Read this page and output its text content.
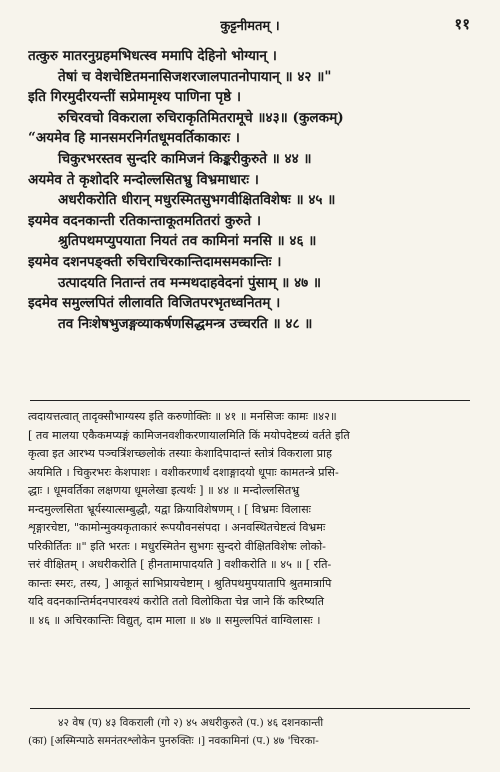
कुट्टनीमतम् ।	११
तत्कुरु मातरनुग्रहमभिधत्स्व ममापि देहिनो भोग्यान् ।
तेषां च वेशचेष्टितमनासिजशरजालपातनोपायान् ॥ ४२ ॥"
इति गिरमुदीरयन्तीं सप्रेमामृश्य पाणिना पृष्ठे ।
रुचिरवचो विकराला रुचिराकृतिमितरामूचे ॥४३॥ (कुलकम्)
“अयमेव हि मानसमरनिर्गतधूमवर्तिकाकारः ।
चिकुरभरस्तव सुन्दरि कामिजनं किङ्करीकुरुते ॥ ४४ ॥
अयमेव ते कृशोदरि मन्दोल्लसितभ्रु विभ्रमाधारः ।
अधरीकरोति धीरान् मधुरस्मितसुभगवीक्षितविशेषः ॥ ४५ ॥
इयमेव वदनकान्ती रतिकान्ताकूतमतितरां कुरुते ।
श्रुतिपथमप्युपयाता नियतं तव कामिनां मनसि ॥ ४६ ॥
इयमेव दशनपङ्क्ती रुचिराचिरकान्तिदामसमकान्तिः ।
उत्पादयति नितान्तं तव मन्मथदाहवेदनां पुंसाम् ॥ ४७ ॥
इदमेव समुल्लपितं लीलावति विजितपरभृतध्वनितम् ।
तव निःशेषभुजङ्गव्याकर्षणसिद्धमन्त्र उच्चरति ॥ ४८ ॥
त्वदायत्तत्वात् तादृक्सौभाग्यस्य इति करुणोक्तिः ॥ ४१ ॥ मनसिजः कामः ॥४२॥
[ तव मालया एकैकमप्यङ्गं कामिजनवशीकरणायालमिति किं मयोपदेष्टव्यं वर्तते इति
कृत्वा इत आरभ्य पञ्चत्रिंशच्छ्लोकं तस्याः केशादिपादान्तं स्तोत्रं विकराला प्राह
अयमिति । चिकुरभरः केशपाशः । वशीकरणार्थं दशाङ्गादयो धूपाः कामतन्त्रे प्रसि-
द्धाः । धूमवर्तिका लक्षणया धूमलेखा इत्यर्थः ] ॥ ४४ ॥ मन्दोल्लसितभ्रु
मन्दमुल्लसिता भ्रूर्यस्यात्सम्बुद्धौ, यद्वा क्रियाविशेषणम् । [ विभ्रमः विलासः
शृङ्गारचेष्टा, "कामोन्मुक्यकृताकारं रूपयौवनसंपदा । अनवस्थितचेष्टत्वं विभ्रमः
परिकीर्तितः ॥" इति भरतः । मधुरस्मितेन सुभगः सुन्दरो वीक्षितविशेषः लोको-
त्तरं वीक्षितम् । अधरीकरोति [ हीनतामापादयति ] वशीकरोति ॥ ४५ ॥ [ रति-
कान्तः स्मरः, तस्य, ] आकूतं साभिप्रायचेष्टाम् । श्रुतिपथमुपयातापि श्रुतमात्रापि
यदि वदनकान्तिर्मदनपारवश्यं करोति ततो विलोकिता चेन्न जाने किं करिष्यति
॥ ४६ ॥ अचिरकान्तिः विद्युत्, दाम माला ॥ ४७ ॥ समुल्लपितं वाग्विलासः ।
४२ वेष (प) ४३ विकराली (गो २) ४५ अधरीकुरुते (प.) ४६ दशनकान्ती
(का) [अस्मिन्पाठे समनंतरश्लोकेन पुनरुक्तिः ।] नवकामिनां (प.) ४७ 'चिरका-
